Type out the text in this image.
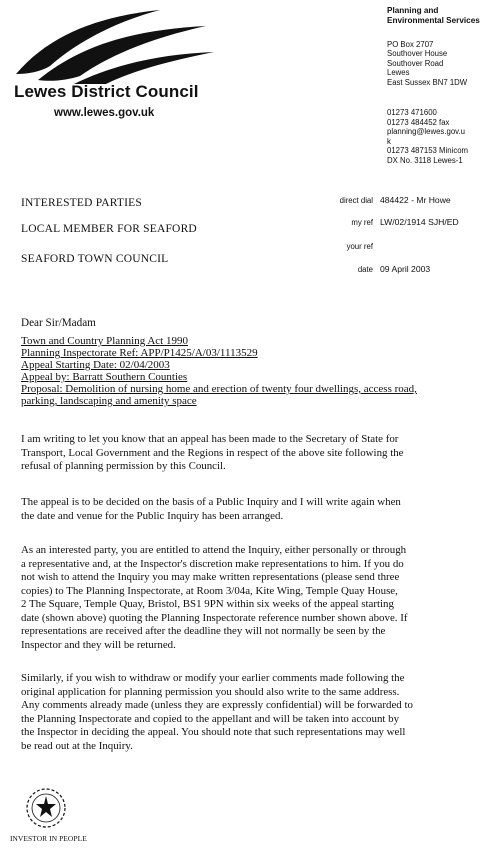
Lewes District Council
www.lewes.gov.uk
Planning and
Environmental Services
PO Box 2707
Southover House
Southover Road
Lewes
East Sussex BN7 1DW
01273 471600
01273 484452 fax
planning@lewes.gov.u
k
01273 487153 Minicom
DX No. 3118 Lewes-1
INTERESTED PARTIES
LOCAL MEMBER FOR SEAFORD
SEAFORD TOWN COUNCIL
direct dial 484422 - Mr Howe
my ref LW/02/1914 SJH/ED
your ref
date 09 April 2003
Dear Sir/Madam
Town and Country Planning Act 1990
Planning Inspectorate Ref: APP/P1425/A/03/1113529
Appeal Starting Date: 02/04/2003
Appeal by: Barratt Southern Counties
Proposal: Demolition of nursing home and erection of twenty four dwellings, access road,
parking, landscaping and amenity space

I am writing to let you know that an appeal has been made to the Secretary of State for

Transport, Local Government and the Regions in respect of the above site following the

refusal of planning permission by this Council.

The appeal is to be decided on the basis of a Public Inquiry and I will write again when

the date and venue for the Public Inquiry has been arranged.

As an interested party, you are entitled to attend the Inquiry, either personally or through

a representative and, at the Inspector's discretion make representations to him. If you do

not wish to attend the Inquiry you may make written representations (please send three

copies) to The Planning Inspectorate, at Room 3/04a, Kite Wing, Temple Quay House,

2 The Square, Temple Quay, Bristol, BS1 9PN within six weeks of the appeal starting

date (shown above) quoting the Planning Inspectorate reference number shown above. If

representations are received after the deadline they will not normally be seen by the

Inspector and they will be returned.

Similarly, if you wish to withdraw or modify your earlier comments made following the

original application for planning permission you should also write to the same address.

Any comments already made (unless they are expressly confidential) will be forwarded to

the Planning Inspectorate and copied to the appellant and will be taken into account by

the Inspector in deciding the appeal. You should note that such representations may well

be read out at the Inquiry.

INVESTOR IN PEOPLE
